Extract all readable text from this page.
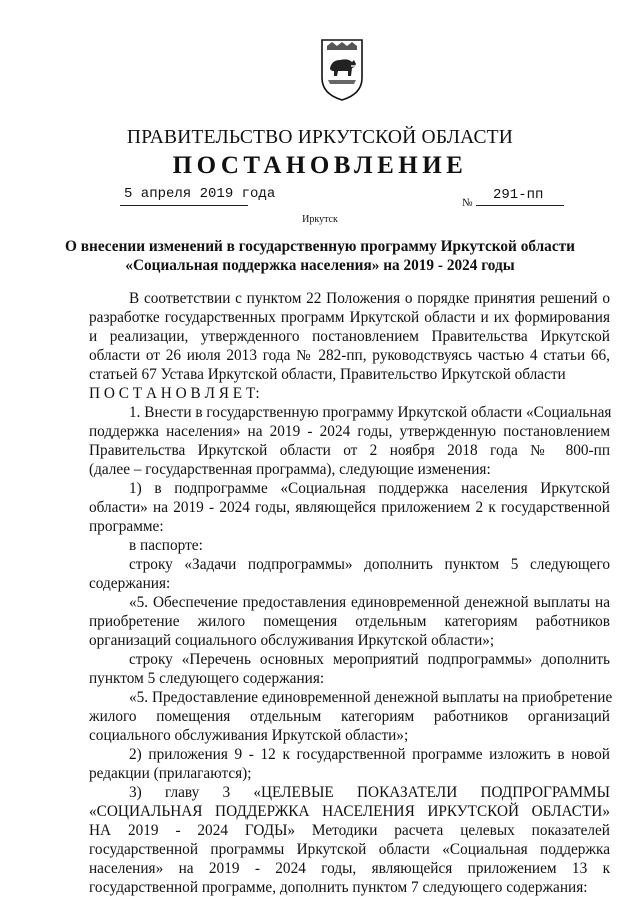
ПРАВИТЕЛЬСТВО ИРКУТСКОЙ ОБЛАСТИ
ПОСТАНОВЛЕНИЕ
5 апреля 2019 года
№ 291-пп
Иркутск
О внесении изменений в государственную программу Иркутской области
«Социальная поддержка населения» на 2019 - 2024 годы
В соответствии с пунктом 22 Положения о порядке принятия решений о
разработке государственных программ Иркутской области и их формирования
и реализации, утвержденного постановлением Правительства Иркутской
области от 26 июля 2013 года № 282-пп, руководствуясь частью 4 статьи 66,
статьей 67 Устава Иркутской области, Правительство Иркутской области
П О С Т А Н О В Л Я Е Т:
1. Внести в государственную программу Иркутской области «Социальная
поддержка населения» на 2019 - 2024 годы, утвержденную постановлением
Правительства Иркутской области от 2 ноября 2018 года № 800-пп
(далее – государственная программа), следующие изменения:
1) в подпрограмме «Социальная поддержка населения Иркутской
области» на 2019 - 2024 годы, являющейся приложением 2 к государственной
программе:
в паспорте:
строку «Задачи подпрограммы» дополнить пунктом 5 следующего
содержания:
«5. Обеспечение предоставления единовременной денежной выплаты на
приобретение жилого помещения отдельным категориям работников
организаций социального обслуживания Иркутской области»;
строку «Перечень основных мероприятий подпрограммы» дополнить
пунктом 5 следующего содержания:
«5. Предоставление единовременной денежной выплаты на приобретение
жилого помещения отдельным категориям работников организаций
социального обслуживания Иркутской области»;
2) приложения 9 - 12 к государственной программе изложить в новой
редакции (прилагаются);
3) главу 3 «ЦЕЛЕВЫЕ ПОКАЗАТЕЛИ ПОДПРОГРАММЫ
«СОЦИАЛЬНАЯ ПОДДЕРЖКА НАСЕЛЕНИЯ ИРКУТСКОЙ ОБЛАСТИ»
НА 2019 - 2024 ГОДЫ» Методики расчета целевых показателей
государственной программы Иркутской области «Социальная поддержка
населения» на 2019 - 2024 годы, являющейся приложением 13 к
государственной программе, дополнить пунктом 7 следующего содержания:
